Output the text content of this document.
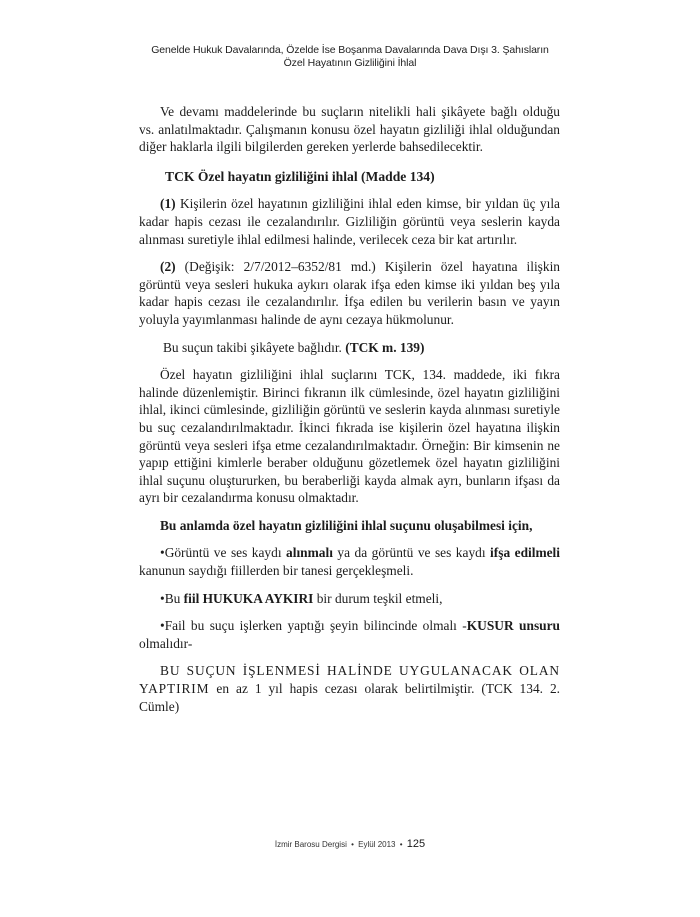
Genelde Hukuk Davalarında, Özelde İse Boşanma Davalarında Dava Dışı 3. Şahısların
Özel Hayatının Gizliliğini İhlal

Ve devamı maddelerinde bu suçların nitelikli hali şikâyete bağlı olduğu vs. anlatılmaktadır. Çalışmanın konusu özel hayatın gizliliği ihlal olduğundan diğer haklarla ilgili bilgilerden gereken yerlerde bahsedilecektir.

TCK Özel hayatın gizliliğini ihlal (Madde 134)

(1) Kişilerin özel hayatının gizliliğini ihlal eden kimse, bir yıldan üç yıla kadar hapis cezası ile cezalandırılır. Gizliliğin görüntü veya seslerin kayda alınması suretiyle ihlal edilmesi halinde, verilecek ceza bir kat artırılır.

(2) (Değişik: 2/7/2012–6352/81 md.) Kişilerin özel hayatına ilişkin görüntü veya sesleri hukuka aykırı olarak ifşa eden kimse iki yıldan beş yıla kadar hapis cezası ile cezalandırılır. İfşa edilen bu verilerin basın ve yayın yoluyla yayımlanması halinde de aynı cezaya hükmolunur.

Bu suçun takibi şikâyete bağlıdır. (TCK m. 139)

Özel hayatın gizliliğini ihlal suçlarını TCK, 134. maddede, iki fıkra halinde düzenlemiştir. Birinci fıkranın ilk cümlesinde, özel hayatın gizliliğini ihlal, ikinci cümlesinde, gizliliğin görüntü ve seslerin kayda alınması suretiyle bu suç cezalandırılmaktadır. İkinci fıkrada ise kişilerin özel hayatına ilişkin görüntü veya sesleri ifşa etme cezalandırılmaktadır. Örneğin: Bir kimsenin ne yapıp ettiğini kimlerle beraber olduğunu gözetlemek özel hayatın gizliliğini ihlal suçunu oluştururken, bu beraberliği kayda almak ayrı, bunların ifşası da ayrı bir cezalandırma konusu olmaktadır.

Bu anlamda özel hayatın gizliliğini ihlal suçunu oluşabilmesi için,

•Görüntü ve ses kaydı alınmalı ya da görüntü ve ses kaydı ifşa edilmeli kanunun saydığı fiillerden bir tanesi gerçekleşmeli.

•Bu fiil HUKUKA AYKIRI bir durum teşkil etmeli,

•Fail bu suçu işlerken yaptığı şeyin bilincinde olmalı -KUSUR unsuru olmalıdır-

BU SUÇUN İŞLENMESİ HALİNDE UYGULANACAK OLAN YAPTIRIM en az 1 yıl hapis cezası olarak belirtilmiştir. (TCK 134. 2. Cümle)

İzmir Barosu Dergisi • Eylül 2013 • 125
